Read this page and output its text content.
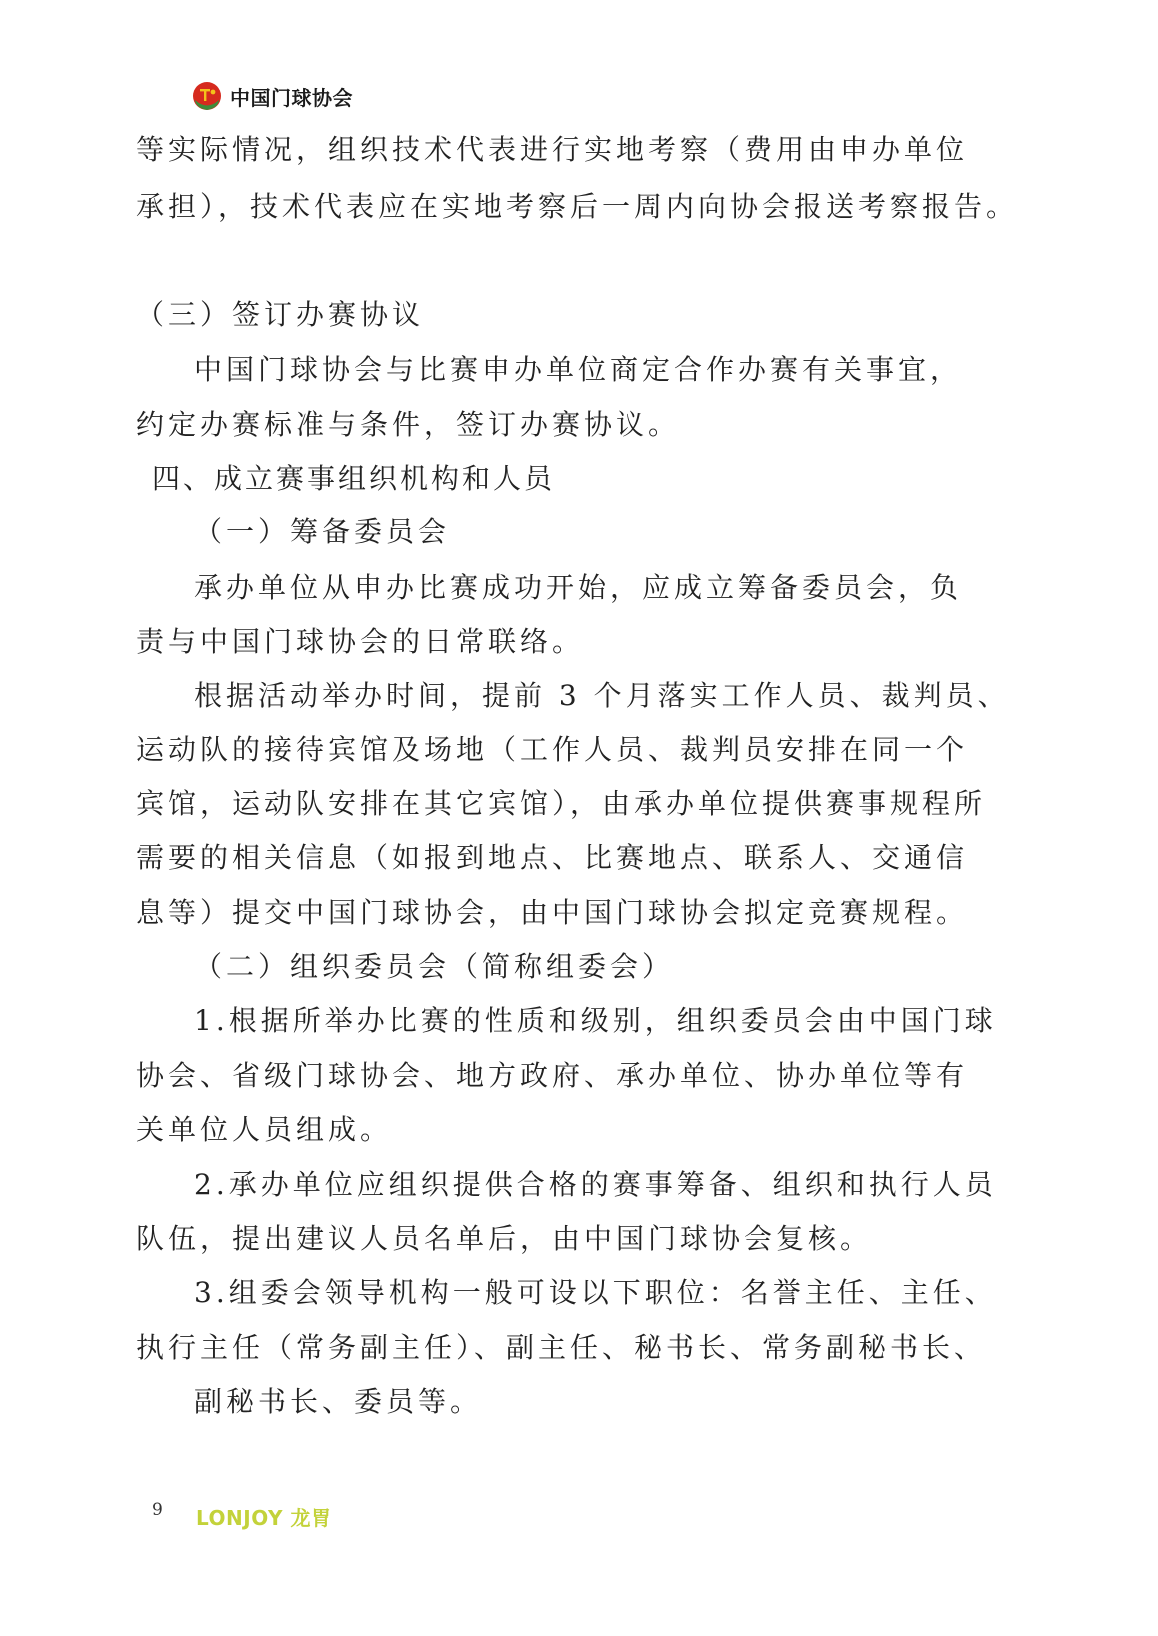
中国门球协会
等实际情况，组织技术代表进行实地考察（费用由申办单位
承担），技术代表应在实地考察后一周内向协会报送考察报告。
（三）签订办赛协议
中国门球协会与比赛申办单位商定合作办赛有关事宜，
约定办赛标准与条件，签订办赛协议。
四、成立赛事组织机构和人员
（一）筹备委员会
承办单位从申办比赛成功开始，应成立筹备委员会，负
责与中国门球协会的日常联络。
根据活动举办时间，提前 3 个月落实工作人员、裁判员、
运动队的接待宾馆及场地（工作人员、裁判员安排在同一个
宾馆，运动队安排在其它宾馆），由承办单位提供赛事规程所
需要的相关信息（如报到地点、比赛地点、联系人、交通信
息等）提交中国门球协会，由中国门球协会拟定竞赛规程。
（二）组织委员会（简称组委会）
1.根据所举办比赛的性质和级别，组织委员会由中国门球
协会、省级门球协会、地方政府、承办单位、协办单位等有
关单位人员组成。
2.承办单位应组织提供合格的赛事筹备、组织和执行人员
队伍，提出建议人员名单后，由中国门球协会复核。
3.组委会领导机构一般可设以下职位：名誉主任、主任、
执行主任（常务副主任）、副主任、秘书长、常务副秘书长、
副秘书长、委员等。
9 LONJOY 龙胃
